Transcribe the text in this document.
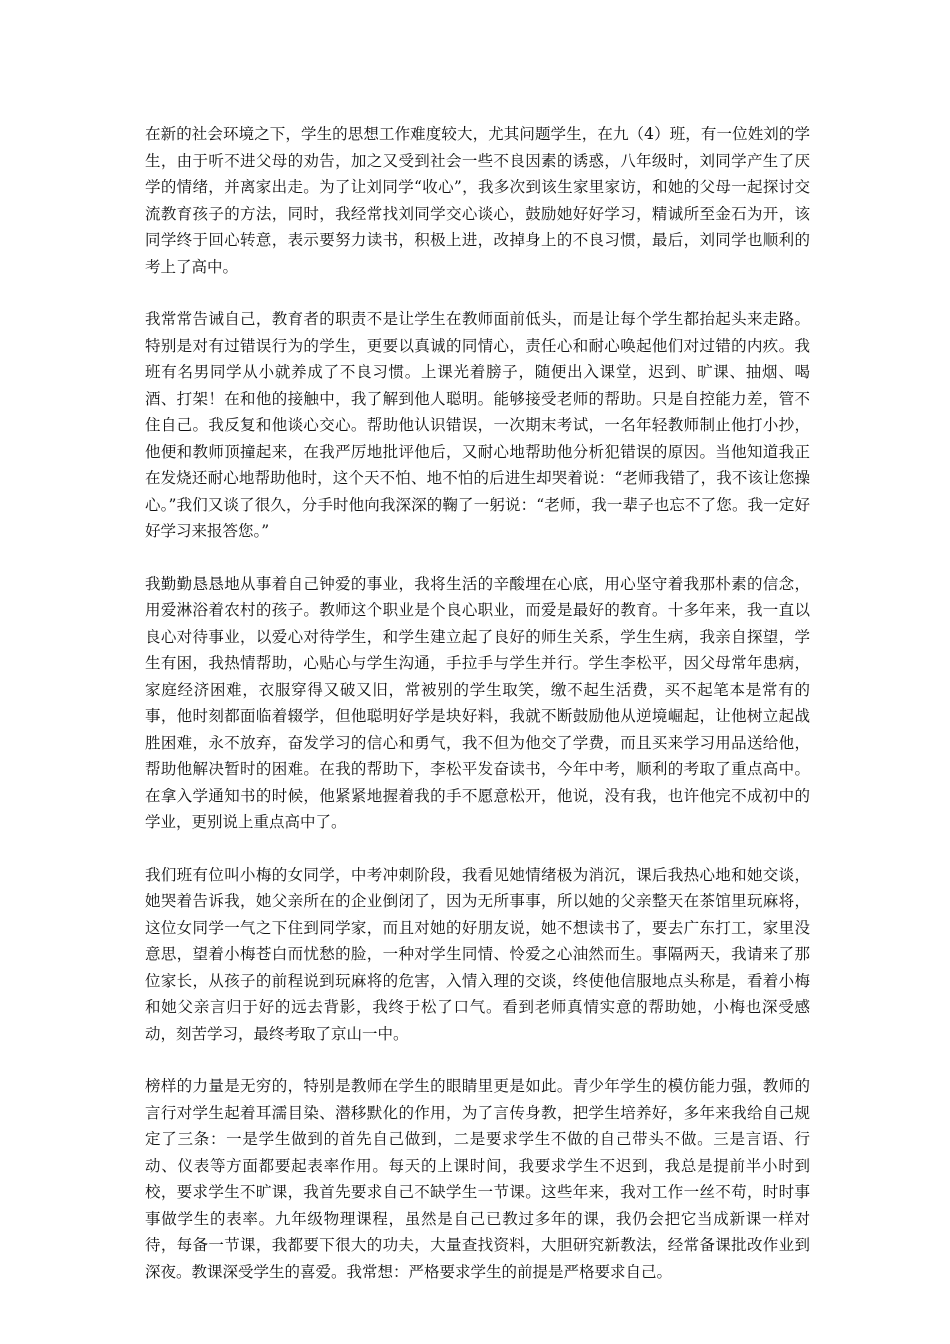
在新的社会环境之下，学生的思想工作难度较大，尤其问题学生，在九（4）班，有一位姓刘的学生，由于听不进父母的劝告，加之又受到社会一些不良因素的诱惑，八年级时，刘同学产生了厌学的情绪，并离家出走。为了让刘同学“收心”，我多次到该生家里家访，和她的父母一起探讨交流教育孩子的方法，同时，我经常找刘同学交心谈心，鼓励她好好学习，精诚所至金石为开，该同学终于回心转意，表示要努力读书，积极上进，改掉身上的不良习惯，最后，刘同学也顺利的考上了高中。

我常常告诫自己，教育者的职责不是让学生在教师面前低头，而是让每个学生都抬起头来走路。特别是对有过错误行为的学生，更要以真诚的同情心，责任心和耐心唤起他们对过错的内疚。我班有名男同学从小就养成了不良习惯。上课光着膀子，随便出入课堂，迟到、旷课、抽烟、喝酒、打架！在和他的接触中，我了解到他人聪明。能够接受老师的帮助。只是自控能力差，管不住自己。我反复和他谈心交心。帮助他认识错误，一次期末考试，一名年轻教师制止他打小抄，他便和教师顶撞起来，在我严厉地批评他后，又耐心地帮助他分析犯错误的原因。当他知道我正在发烧还耐心地帮助他时，这个天不怕、地不怕的后进生却哭着说：“老师我错了，我不该让您操心。”我们又谈了很久，分手时他向我深深的鞠了一躬说：“老师，我一辈子也忘不了您。我一定好好学习来报答您。”

我勤勤恳恳地从事着自己钟爱的事业，我将生活的辛酸埋在心底，用心坚守着我那朴素的信念，用爱淋浴着农村的孩子。教师这个职业是个良心职业，而爱是最好的教育。十多年来，我一直以良心对待事业，以爱心对待学生，和学生建立起了良好的师生关系，学生生病，我亲自探望，学生有困，我热情帮助，心贴心与学生沟通，手拉手与学生并行。学生李松平，因父母常年患病，家庭经济困难，衣服穿得又破又旧，常被别的学生取笑，缴不起生活费，买不起笔本是常有的事，他时刻都面临着辍学，但他聪明好学是块好料，我就不断鼓励他从逆境崛起，让他树立起战胜困难，永不放弃，奋发学习的信心和勇气，我不但为他交了学费，而且买来学习用品送给他，帮助他解决暂时的困难。在我的帮助下，李松平发奋读书，今年中考，顺利的考取了重点高中。在拿入学通知书的时候，他紧紧地握着我的手不愿意松开，他说，没有我，也许他完不成初中的学业，更别说上重点高中了。

我们班有位叫小梅的女同学，中考冲刺阶段，我看见她情绪极为消沉，课后我热心地和她交谈，她哭着告诉我，她父亲所在的企业倒闭了，因为无所事事，所以她的父亲整天在茶馆里玩麻将，这位女同学一气之下住到同学家，而且对她的好朋友说，她不想读书了，要去广东打工，家里没意思，望着小梅苍白而忧愁的脸，一种对学生同情、怜爱之心油然而生。事隔两天，我请来了那位家长，从孩子的前程说到玩麻将的危害，入情入理的交谈，终使他信服地点头称是，看着小梅和她父亲言归于好的远去背影，我终于松了口气。看到老师真情实意的帮助她，小梅也深受感动，刻苦学习，最终考取了京山一中。

榜样的力量是无穷的，特别是教师在学生的眼睛里更是如此。青少年学生的模仿能力强，教师的言行对学生起着耳濡目染、潜移默化的作用，为了言传身教，把学生培养好，多年来我给自己规定了三条：一是学生做到的首先自己做到，二是要求学生不做的自己带头不做。三是言语、行动、仪表等方面都要起表率作用。每天的上课时间，我要求学生不迟到，我总是提前半小时到校，要求学生不旷课，我首先要求自己不缺学生一节课。这些年来，我对工作一丝不苟，时时事事做学生的表率。九年级物理课程，虽然是自己已教过多年的课，我仍会把它当成新课一样对待，每备一节课，我都要下很大的功夫，大量查找资料，大胆研究新教法，经常备课批改作业到深夜。教课深受学生的喜爱。我常想：严格要求学生的前提是严格要求自己。
